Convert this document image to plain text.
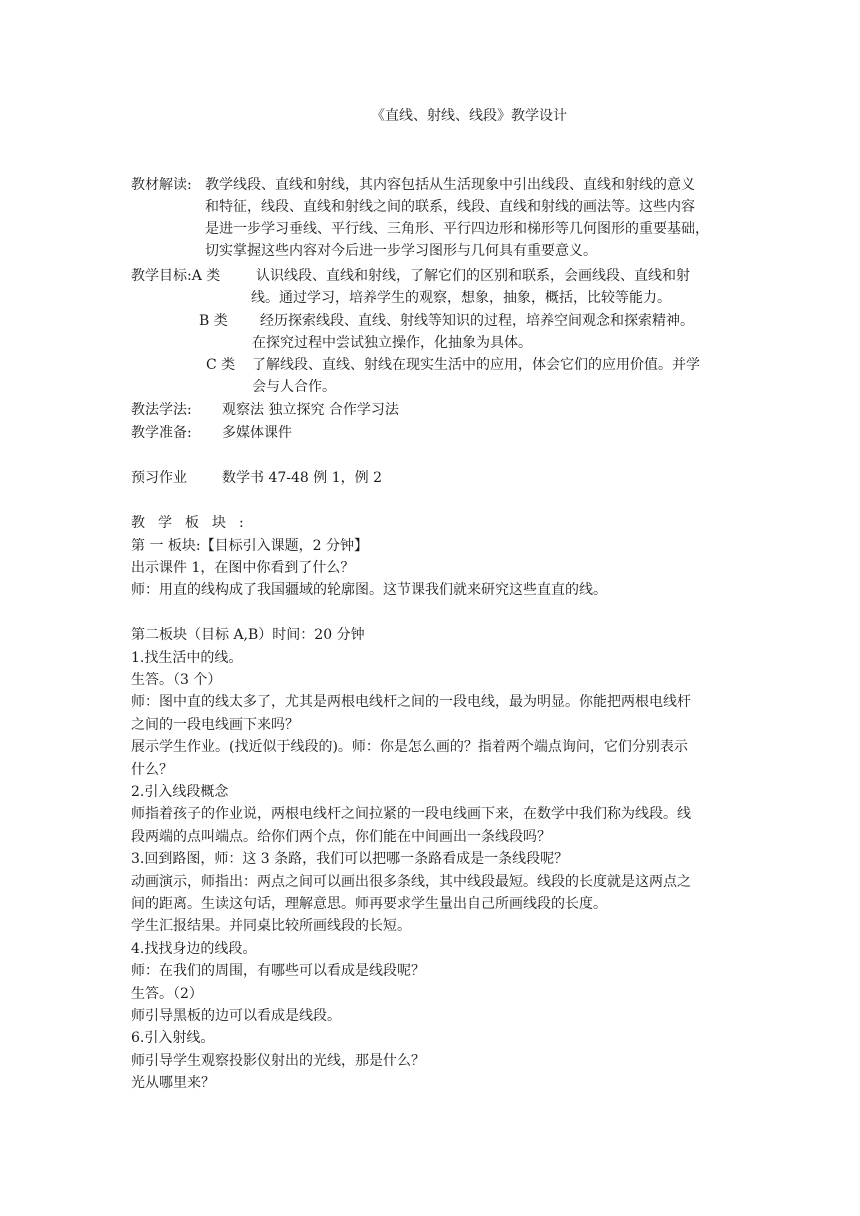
《直线、射线、线段》教学设计
教材解读: 教学线段、直线和射线，其内容包括从生活现象中引出线段、直线和射线的意义
和特征，线段、直线和射线之间的联系，线段、直线和射线的画法等。这些内容
是进一步学习垂线、平行线、三角形、平行四边形和梯形等几何图形的重要基础，
切实掌握这些内容对今后进一步学习图形与几何具有重要意义。
教学目标:A 类	认识线段、直线和射线，了解它们的区别和联系，会画线段、直线和射
线。通过学习，培养学生的观察，想象，抽象，概括，比较等能力。
B 类 经历探索线段、直线、射线等知识的过程，培养空间观念和探索精神。
在探究过程中尝试独立操作，化抽象为具体。
C 类 了解线段、直线、射线在现实生活中的应用，体会它们的应用价值。并学
会与人合作。
教法学法: 观察法 独立探究 合作学习法
教学准备: 多媒体课件
预习作业	数学书 47-48 例 1，例 2
教学板块:
第 一 板块:【目标引入课题，2 分钟】
出示课件 1，在图中你看到了什么？
师：用直的线构成了我国疆域的轮廓图。这节课我们就来研究这些直直的线。
第二板块（目标 A,B）时间：20 分钟
1.找生活中的线。
生答。（3 个）
师：图中直的线太多了，尤其是两根电线杆之间的一段电线，最为明显。你能把两根电线杆
之间的一段电线画下来吗？
展示学生作业。(找近似于线段的)。师：你是怎么画的？指着两个端点询问，它们分别表示
什么？
2.引入线段概念
师指着孩子的作业说，两根电线杆之间拉紧的一段电线画下来，在数学中我们称为线段。线
段两端的点叫端点。给你们两个点，你们能在中间画出一条线段吗？
3.回到路图，师：这 3 条路，我们可以把哪一条路看成是一条线段呢？
动画演示，师指出：两点之间可以画出很多条线，其中线段最短。线段的长度就是这两点之
间的距离。生读这句话，理解意思。师再要求学生量出自己所画线段的长度。
学生汇报结果。并同桌比较所画线段的长短。
4.找找身边的线段。
师：在我们的周围，有哪些可以看成是线段呢？
生答。（2）
师引导黑板的边可以看成是线段。
6.引入射线。
师引导学生观察投影仪射出的光线，那是什么？
光从哪里来？
